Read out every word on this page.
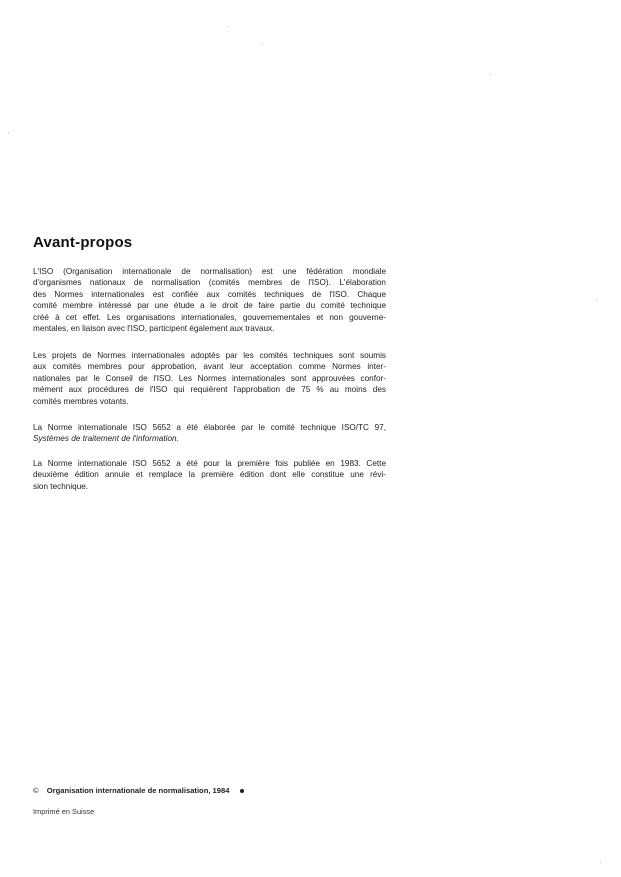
Avant-propos
L'ISO (Organisation internationale de normalisation) est une fédération mondiale
d'organismes nationaux de normalisation (comités membres de l'ISO). L'élaboration
des Normes internationales est confiée aux comités techniques de l'ISO. Chaque
comité membre intéressé par une étude a le droit de faire partie du comité technique
créé à cet effet. Les organisations internationales, gouvernementales et non gouverne-
mentales, en liaison avec l'ISO, participent également aux travaux.
Les projets de Normes internationales adoptés par les comités techniques sont soumis
aux comités membres pour approbation, avant leur acceptation comme Normes inter-
nationales par le Conseil de l'ISO. Les Normes internationales sont approuvées confor-
mément aux procédures de l'ISO qui requièrent l'approbation de 75 % au moins des
comités membres votants.
La Norme internationale ISO 5652 a été élaborée par le comité technique ISO/TC 97,
Systèmes de traitement de l'information.
La Norme internationale ISO 5652 a été pour la première fois publiée en 1983. Cette
deuxième édition annule et remplace la première édition dont elle constitue une révi-
sion technique.
© Organisation internationale de normalisation, 1984
Imprimé en Suisse
